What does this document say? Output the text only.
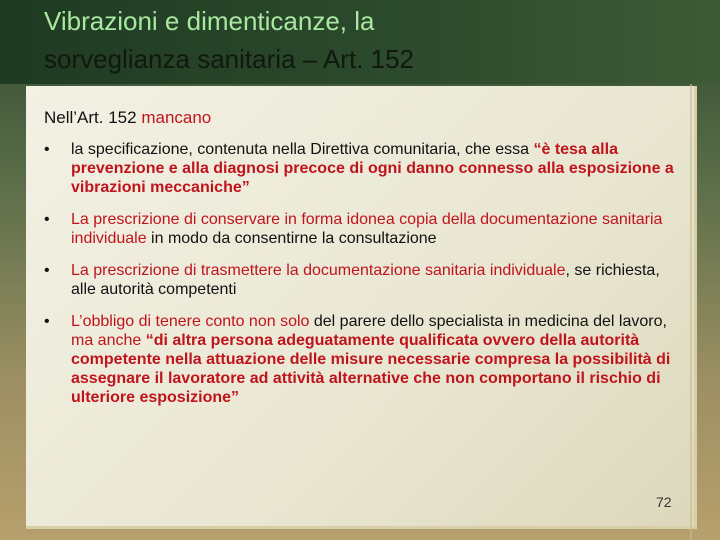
Vibrazioni e dimenticanze, la
sorveglianza sanitaria – Art. 152
Nell’Art. 152 mancano
•	la specificazione, contenuta nella Direttiva comunitaria, che essa “è tesa alla prevenzione e alla diagnosi precoce di ogni danno connesso alla esposizione a vibrazioni meccaniche”
•	La prescrizione di conservare in forma idonea copia della documentazione sanitaria individuale in modo da consentirne la consultazione
•	La prescrizione di trasmettere la documentazione sanitaria individuale, se richiesta, alle autorità competenti
•	L’obbligo di tenere conto non solo del parere dello specialista in medicina del lavoro, ma anche “di altra persona adeguatamente qualificata ovvero della autorità competente nella attuazione delle misure necessarie compresa la possibilità di assegnare il lavoratore ad attività alternative che non comportano il rischio di ulteriore esposizione”
72
